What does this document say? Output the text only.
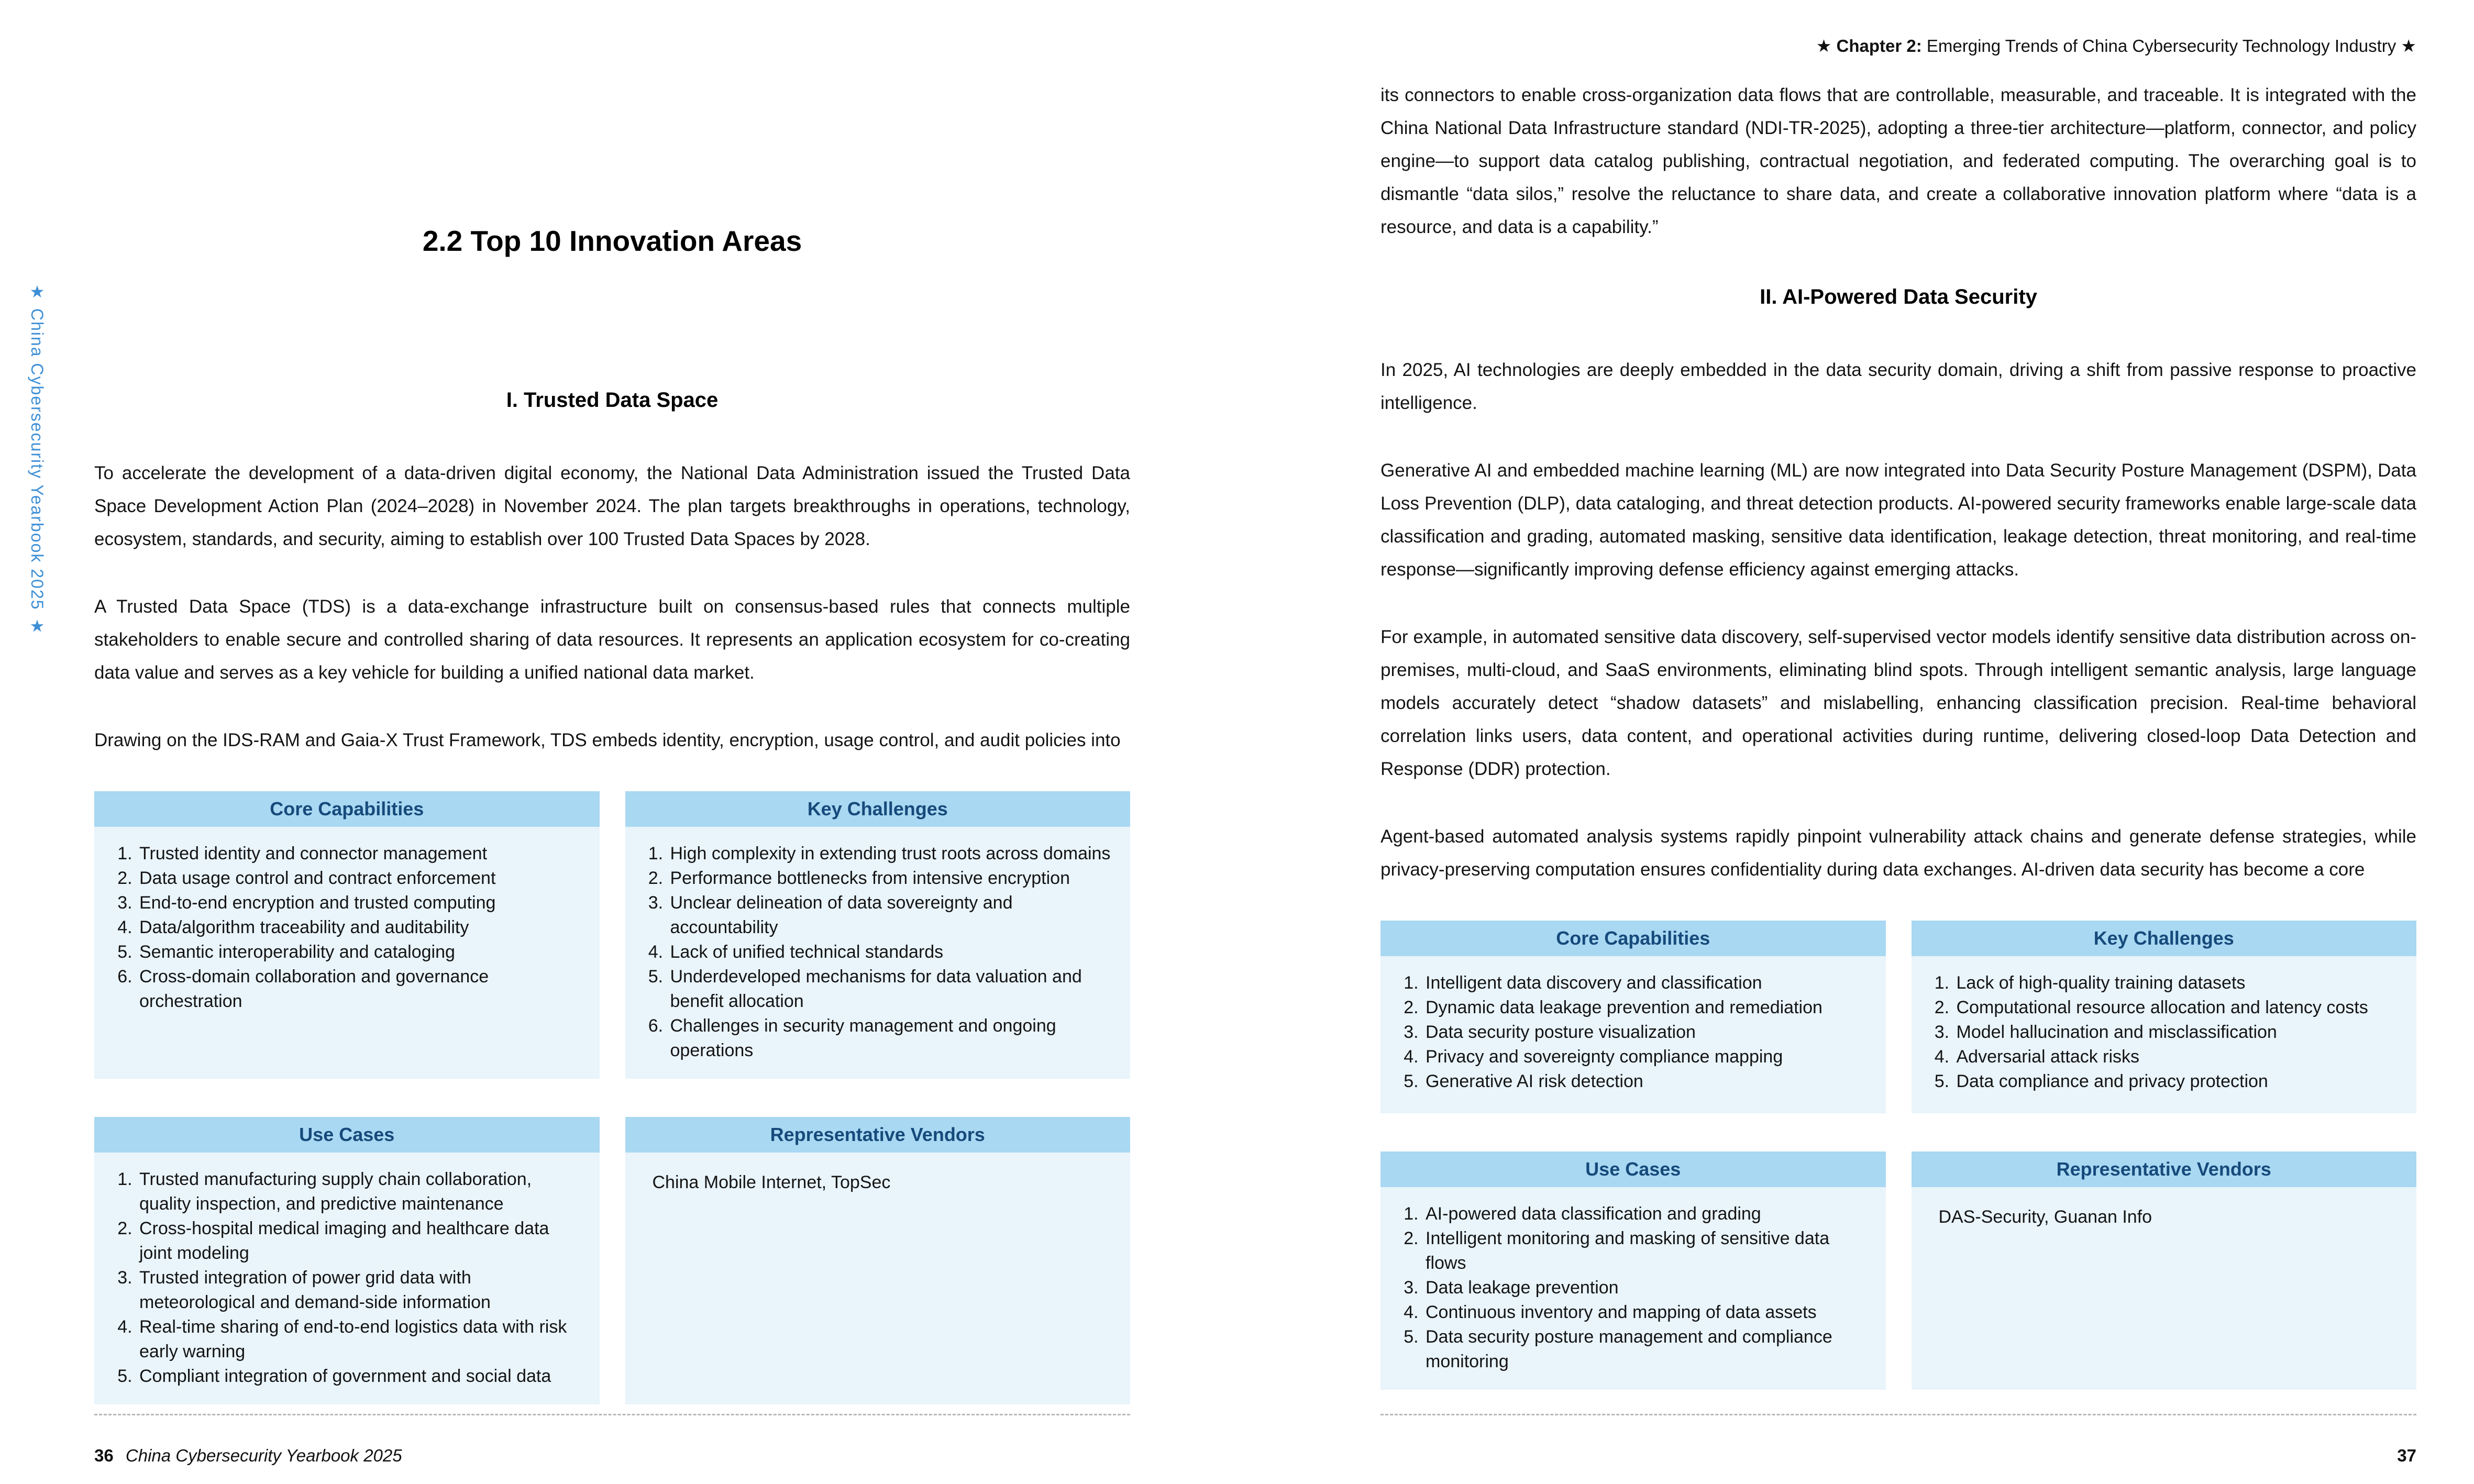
★ Chapter 2: Emerging Trends of China Cybersecurity Technology Industry ★
★ China Cybersecurity Yearbook 2025 ★
2.2 Top 10 Innovation Areas
I. Trusted Data Space

To accelerate the development of a data-driven digital economy, the National Data Administration issued the Trusted Data Space Development Action Plan (2024–2028) in November 2024. The plan targets breakthroughs in operations, technology, ecosystem, standards, and security, aiming to establish over 100 Trusted Data Spaces by 2028.

A Trusted Data Space (TDS) is a data-exchange infrastructure built on consensus-based rules that connects multiple stakeholders to enable secure and controlled sharing of data resources. It represents an application ecosystem for co-creating data value and serves as a key vehicle for building a unified national data market.

Drawing on the IDS-RAM and Gaia-X Trust Framework, TDS embeds identity, encryption, usage control, and audit policies into

Core Capabilities
1. Trusted identity and connector management
2. Data usage control and contract enforcement
3. End-to-end encryption and trusted computing
4. Data/algorithm traceability and auditability
5. Semantic interoperability and cataloging
6. Cross-domain collaboration and governance orchestration
Key Challenges
1. High complexity in extending trust roots across domains
2. Performance bottlenecks from intensive encryption
3. Unclear delineation of data sovereignty and accountability
4. Lack of unified technical standards
5. Underdeveloped mechanisms for data valuation and benefit allocation
6. Challenges in security management and ongoing operations
Use Cases
1. Trusted manufacturing supply chain collaboration, quality inspection, and predictive maintenance
2. Cross-hospital medical imaging and healthcare data joint modeling
3. Trusted integration of power grid data with meteorological and demand-side information
4. Real-time sharing of end-to-end logistics data with risk early warning
5. Compliant integration of government and social data
Representative Vendors
China Mobile Internet, TopSec
36 China Cybersecurity Yearbook 2025

its connectors to enable cross-organization data flows that are controllable, measurable, and traceable. It is integrated with the China National Data Infrastructure standard (NDI-TR-2025), adopting a three-tier architecture—platform, connector, and policy engine—to support data catalog publishing, contractual negotiation, and federated computing. The overarching goal is to dismantle “data silos,” resolve the reluctance to share data, and create a collaborative innovation platform where “data is a resource, and data is a capability.”

II. AI-Powered Data Security

In 2025, AI technologies are deeply embedded in the data security domain, driving a shift from passive response to proactive intelligence.

Generative AI and embedded machine learning (ML) are now integrated into Data Security Posture Management (DSPM), Data Loss Prevention (DLP), data cataloging, and threat detection products. AI-powered security frameworks enable large-scale data classification and grading, automated masking, sensitive data identification, leakage detection, threat monitoring, and real-time response—significantly improving defense efficiency against emerging attacks.

For example, in automated sensitive data discovery, self-supervised vector models identify sensitive data distribution across on-premises, multi-cloud, and SaaS environments, eliminating blind spots. Through intelligent semantic analysis, large language models accurately detect “shadow datasets” and mislabelling, enhancing classification precision. Real-time behavioral correlation links users, data content, and operational activities during runtime, delivering closed-loop Data Detection and Response (DDR) protection.

Agent-based automated analysis systems rapidly pinpoint vulnerability attack chains and generate defense strategies, while privacy-preserving computation ensures confidentiality during data exchanges. AI-driven data security has become a core

Core Capabilities
1. Intelligent data discovery and classification
2. Dynamic data leakage prevention and remediation
3. Data security posture visualization
4. Privacy and sovereignty compliance mapping
5. Generative AI risk detection
Key Challenges
1. Lack of high-quality training datasets
2. Computational resource allocation and latency costs
3. Model hallucination and misclassification
4. Adversarial attack risks
5. Data compliance and privacy protection
Use Cases
1. AI-powered data classification and grading
2. Intelligent monitoring and masking of sensitive data flows
3. Data leakage prevention
4. Continuous inventory and mapping of data assets
5. Data security posture management and compliance monitoring
Representative Vendors
DAS-Security, Guanan Info
37
